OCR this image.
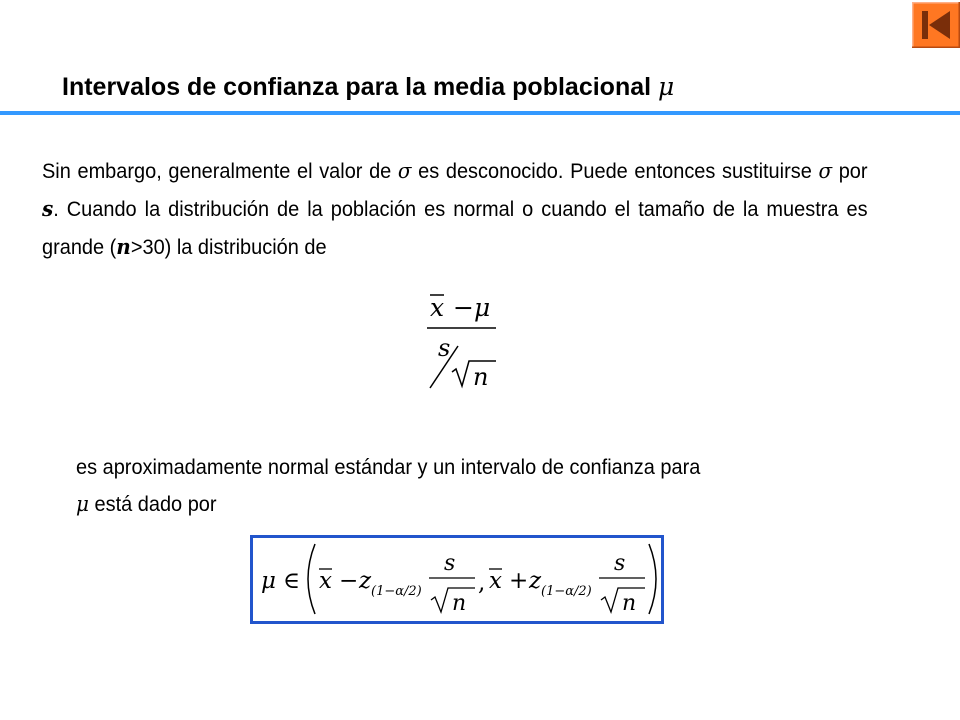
Intervalos de confianza para la media poblacional μ

Sin embargo, generalmente el valor de σ es desconocido. Puede entonces sustituirse σ por s. Cuando la distribución de la población es normal o cuando el tamaño de la muestra es grande (n>30) la distribución de

x − μ
s
n

es aproximadamente normal estándar y un intervalo de confianza para
μ está dado por

μ ∈ x − z (1−α/2)
s
n
, x + z (1−α/2)
s
n
